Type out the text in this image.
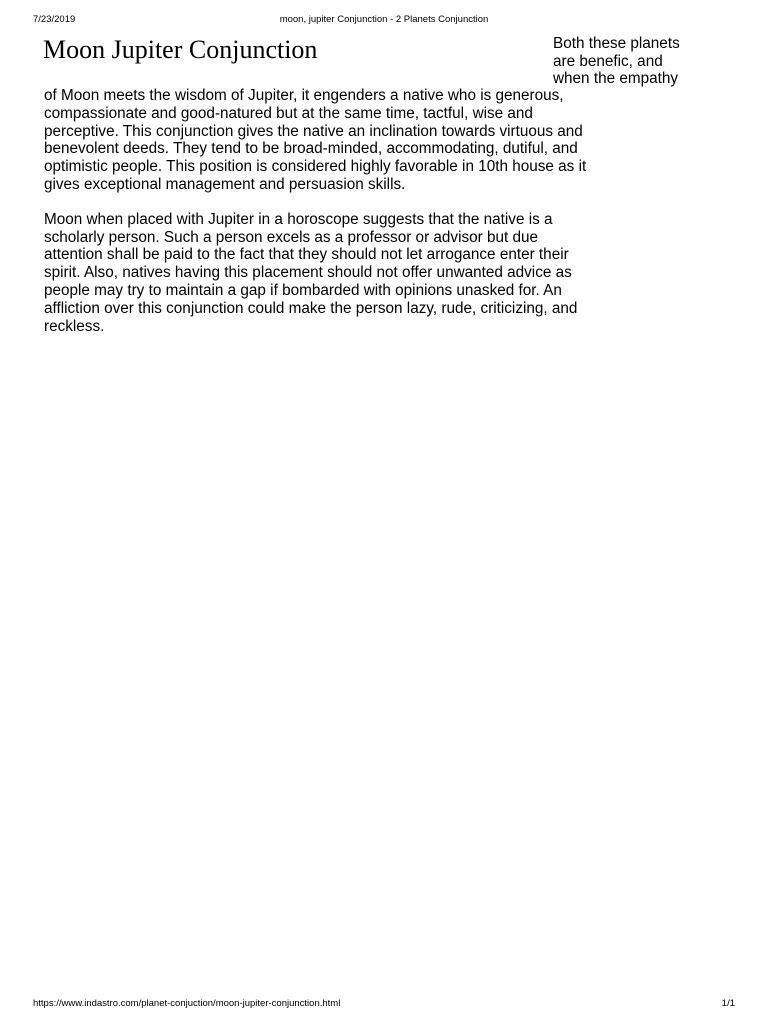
7/23/2019	moon, jupiter Conjunction - 2 Planets Conjunction
Moon Jupiter Conjunction	Both these planets
are benefic, and
when the empathy

of Moon meets the wisdom of Jupiter, it engenders a native who is generous,
compassionate and good-natured but at the same time, tactful, wise and
perceptive. This conjunction gives the native an inclination towards virtuous and
benevolent deeds. They tend to be broad-minded, accommodating, dutiful, and
optimistic people. This position is considered highly favorable in 10th house as it
gives exceptional management and persuasion skills.

Moon when placed with Jupiter in a horoscope suggests that the native is a
scholarly person. Such a person excels as a professor or advisor but due
attention shall be paid to the fact that they should not let arrogance enter their
spirit. Also, natives having this placement should not offer unwanted advice as
people may try to maintain a gap if bombarded with opinions unasked for. An
affliction over this conjunction could make the person lazy, rude, criticizing, and
reckless.

https://www.indastro.com/planet-conjuction/moon-jupiter-conjunction.html	1/1
